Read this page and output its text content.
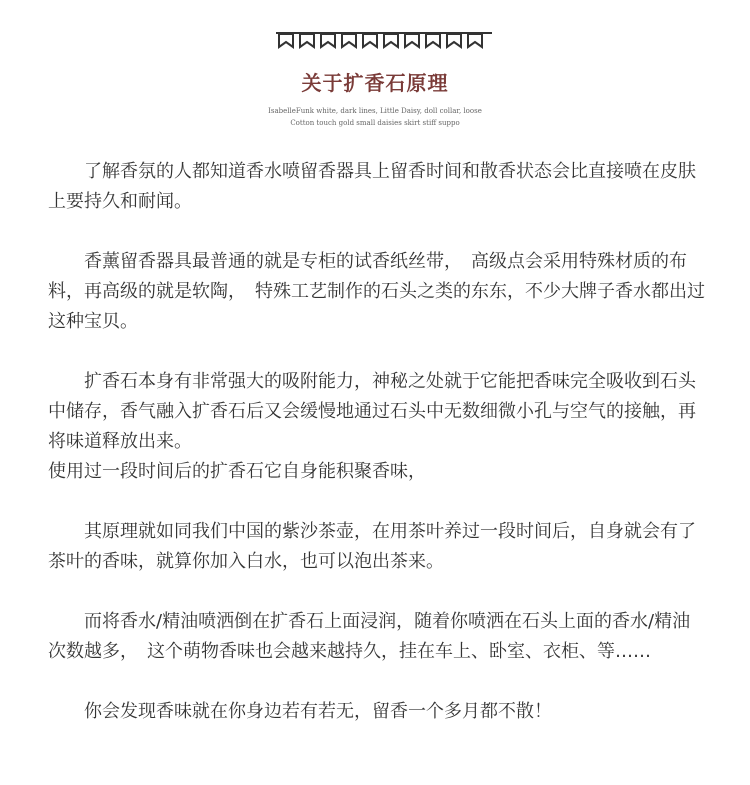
关于扩香石原理
IsabelleFunk white, dark lines, Little Daisy, doll collar, loose
Cotton touch gold small daisies skirt stiff suppo

了解香氛的人都知道香水喷留香器具上留香时间和散香状态会比直接喷在皮肤上要持久和耐闻。

香薰留香器具最普通的就是专柜的试香纸丝带，　高级点会采用特殊材质的布料，再高级的就是软陶，　特殊工艺制作的石头之类的东东，不少大牌子香水都出过这种宝贝。

扩香石本身有非常强大的吸附能力，神秘之处就于它能把香味完全吸收到石头中储存，香气融入扩香石后又会缓慢地通过石头中无数细微小孔与空气的接触，再将味道释放出来。

使用过一段时间后的扩香石它自身能积聚香味，

其原理就如同我们中国的紫沙茶壶，在用茶叶养过一段时间后，自身就会有了茶叶的香味，就算你加入白水，也可以泡出茶来。

而将香水/精油喷洒倒在扩香石上面浸润，随着你喷洒在石头上面的香水/精油次数越多，　这个萌物香味也会越来越持久，挂在车上、卧室、衣柜、等……

你会发现香味就在你身边若有若无，留香一个多月都不散！
